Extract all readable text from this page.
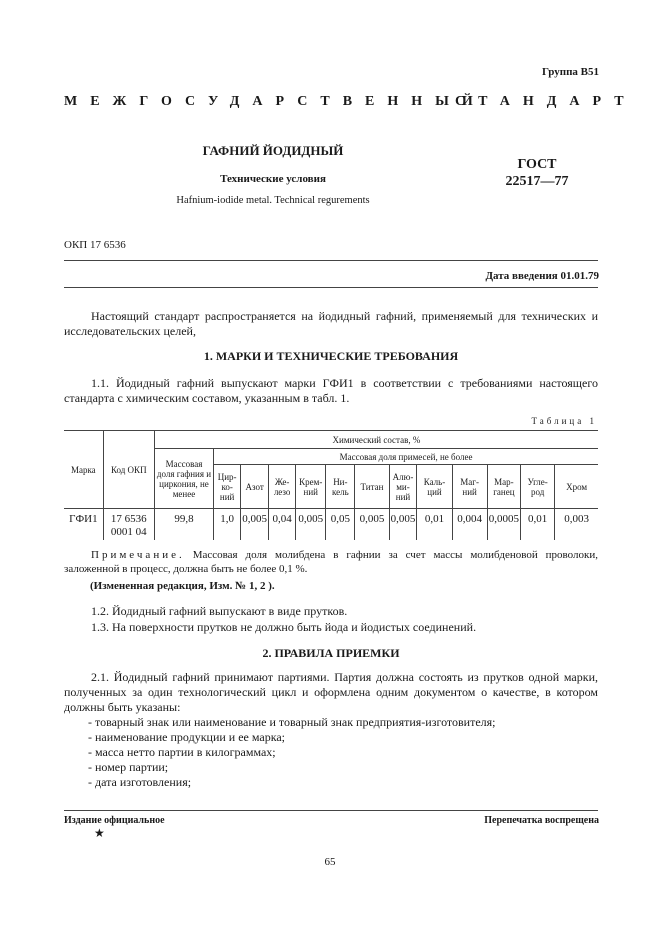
Группа В51
МЕЖГОСУДАРСТВЕННЫЙ
СТАНДАРТ
ГАФНИЙ ЙОДИДНЫЙ
Технические условия
Hafnium-iodide metal. Technical regurements
ГОСТ
22517—77
ОКП 17 6536
Дата введения 01.01.79
Настоящий стандарт распространяется на йодидный гафний, применяемый для технических и исследовательских целей,
1. МАРКИ И ТЕХНИЧЕСКИЕ ТРЕБОВАНИЯ
1.1. Йодидный гафний выпускают марки ГФИ1 в соответствии с требованиями настоящего стандарта с химическим составом, указанным в табл. 1.
Таблица 1
Марка	Код ОКП	Химический состав, %												
		Массовая доля гафния и циркония, не менее	Массовая доля примесей, не более											
			Цир-ко-ний	Азот	Же-лезо	Крем-ний	Ни-кель	Титан	Алю-ми-ний	Каль-ций	Маг-ний	Мар-ганец	Угле-род	Хром
ГФИ1	17 6536 0001 04	99,8	1,0	0,005	0,04	0,005	0,05	0,005	0,005	0,01	0,004	0,0005	0,01	0,003
Примечание. Массовая доля молибдена в гафнии за счет массы молибденовой проволоки, заложенной в процесс, должна быть не более 0,1 %.
(Измененная редакция, Изм. № 1, 2 ).
1.2. Йодидный гафний выпускают в виде прутков.
1.3. На поверхности прутков не должно быть йода и йодистых соединений.
2. ПРАВИЛА ПРИЕМКИ
2.1. Йодидный гафний принимают партиями. Партия должна состоять из прутков одной марки, полученных за один технологический цикл и оформлена одним документом о качестве, в котором должны быть указаны:
- товарный знак или наименование и товарный знак предприятия-изготовителя;
- наименование продукции и ее марка;
- масса нетто партии в килограммах;
- номер партии;
- дата изготовления;
Издание официальное	Перепечатка воспрещена
★
65
